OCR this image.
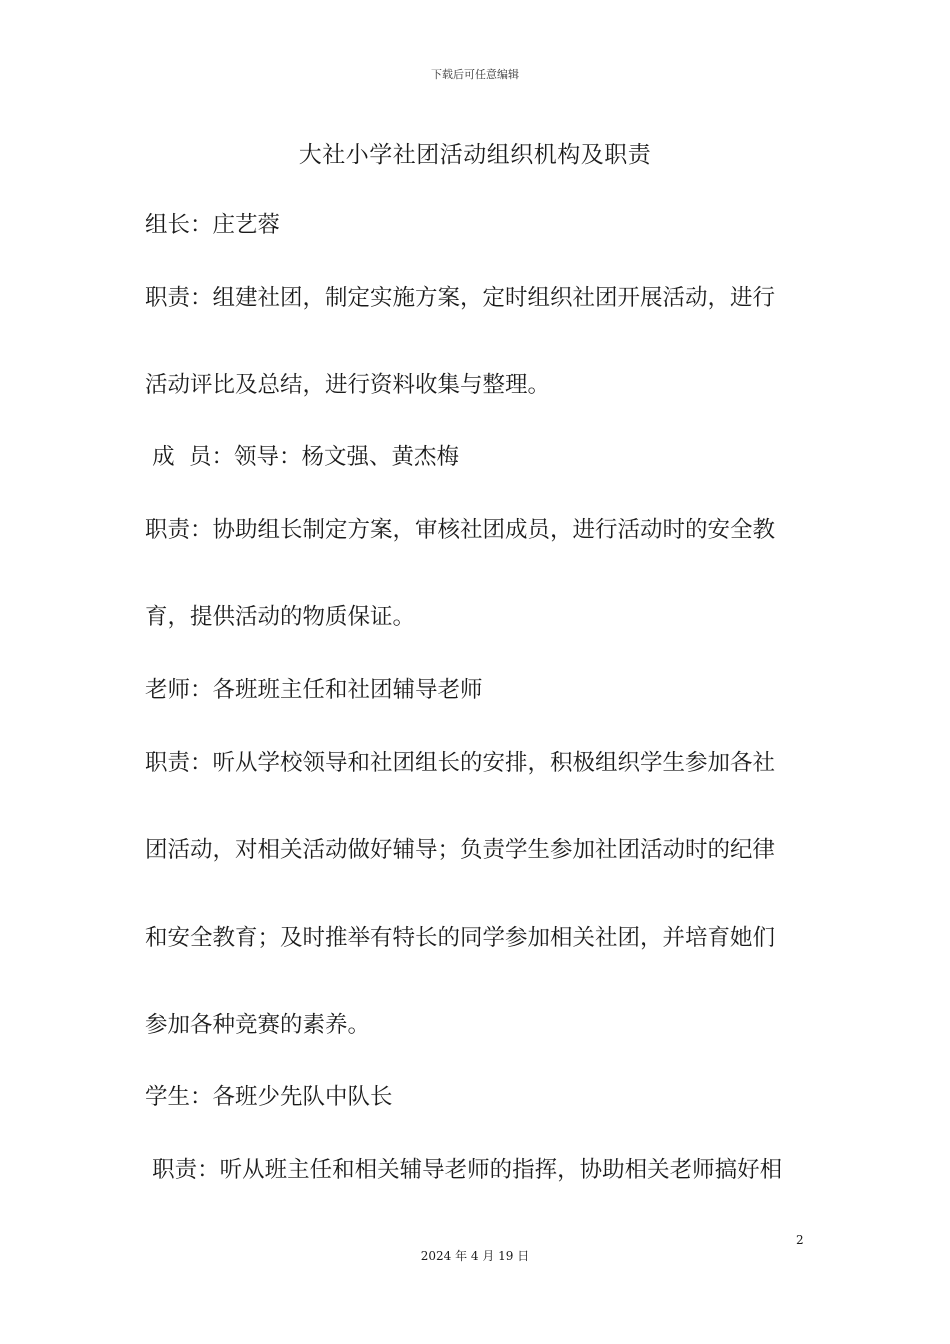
下载后可任意编辑
大社小学社团活动组织机构及职责
组长：庄艺蓉
职责：组建社团，制定实施方案，定时组织社团开展活动，进行
活动评比及总结，进行资料收集与整理。
成  员：领导：杨文强、黄杰梅
职责：协助组长制定方案，审核社团成员，进行活动时的安全教
育，提供活动的物质保证。
老师：各班班主任和社团辅导老师
职责：听从学校领导和社团组长的安排，积极组织学生参加各社
团活动，对相关活动做好辅导；负责学生参加社团活动时的纪律
和安全教育；及时推举有特长的同学参加相关社团，并培育她们
参加各种竞赛的素养。
学生：各班少先队中队长
职责：听从班主任和相关辅导老师的指挥，协助相关老师搞好相
2
2024 年 4 月 19 日
